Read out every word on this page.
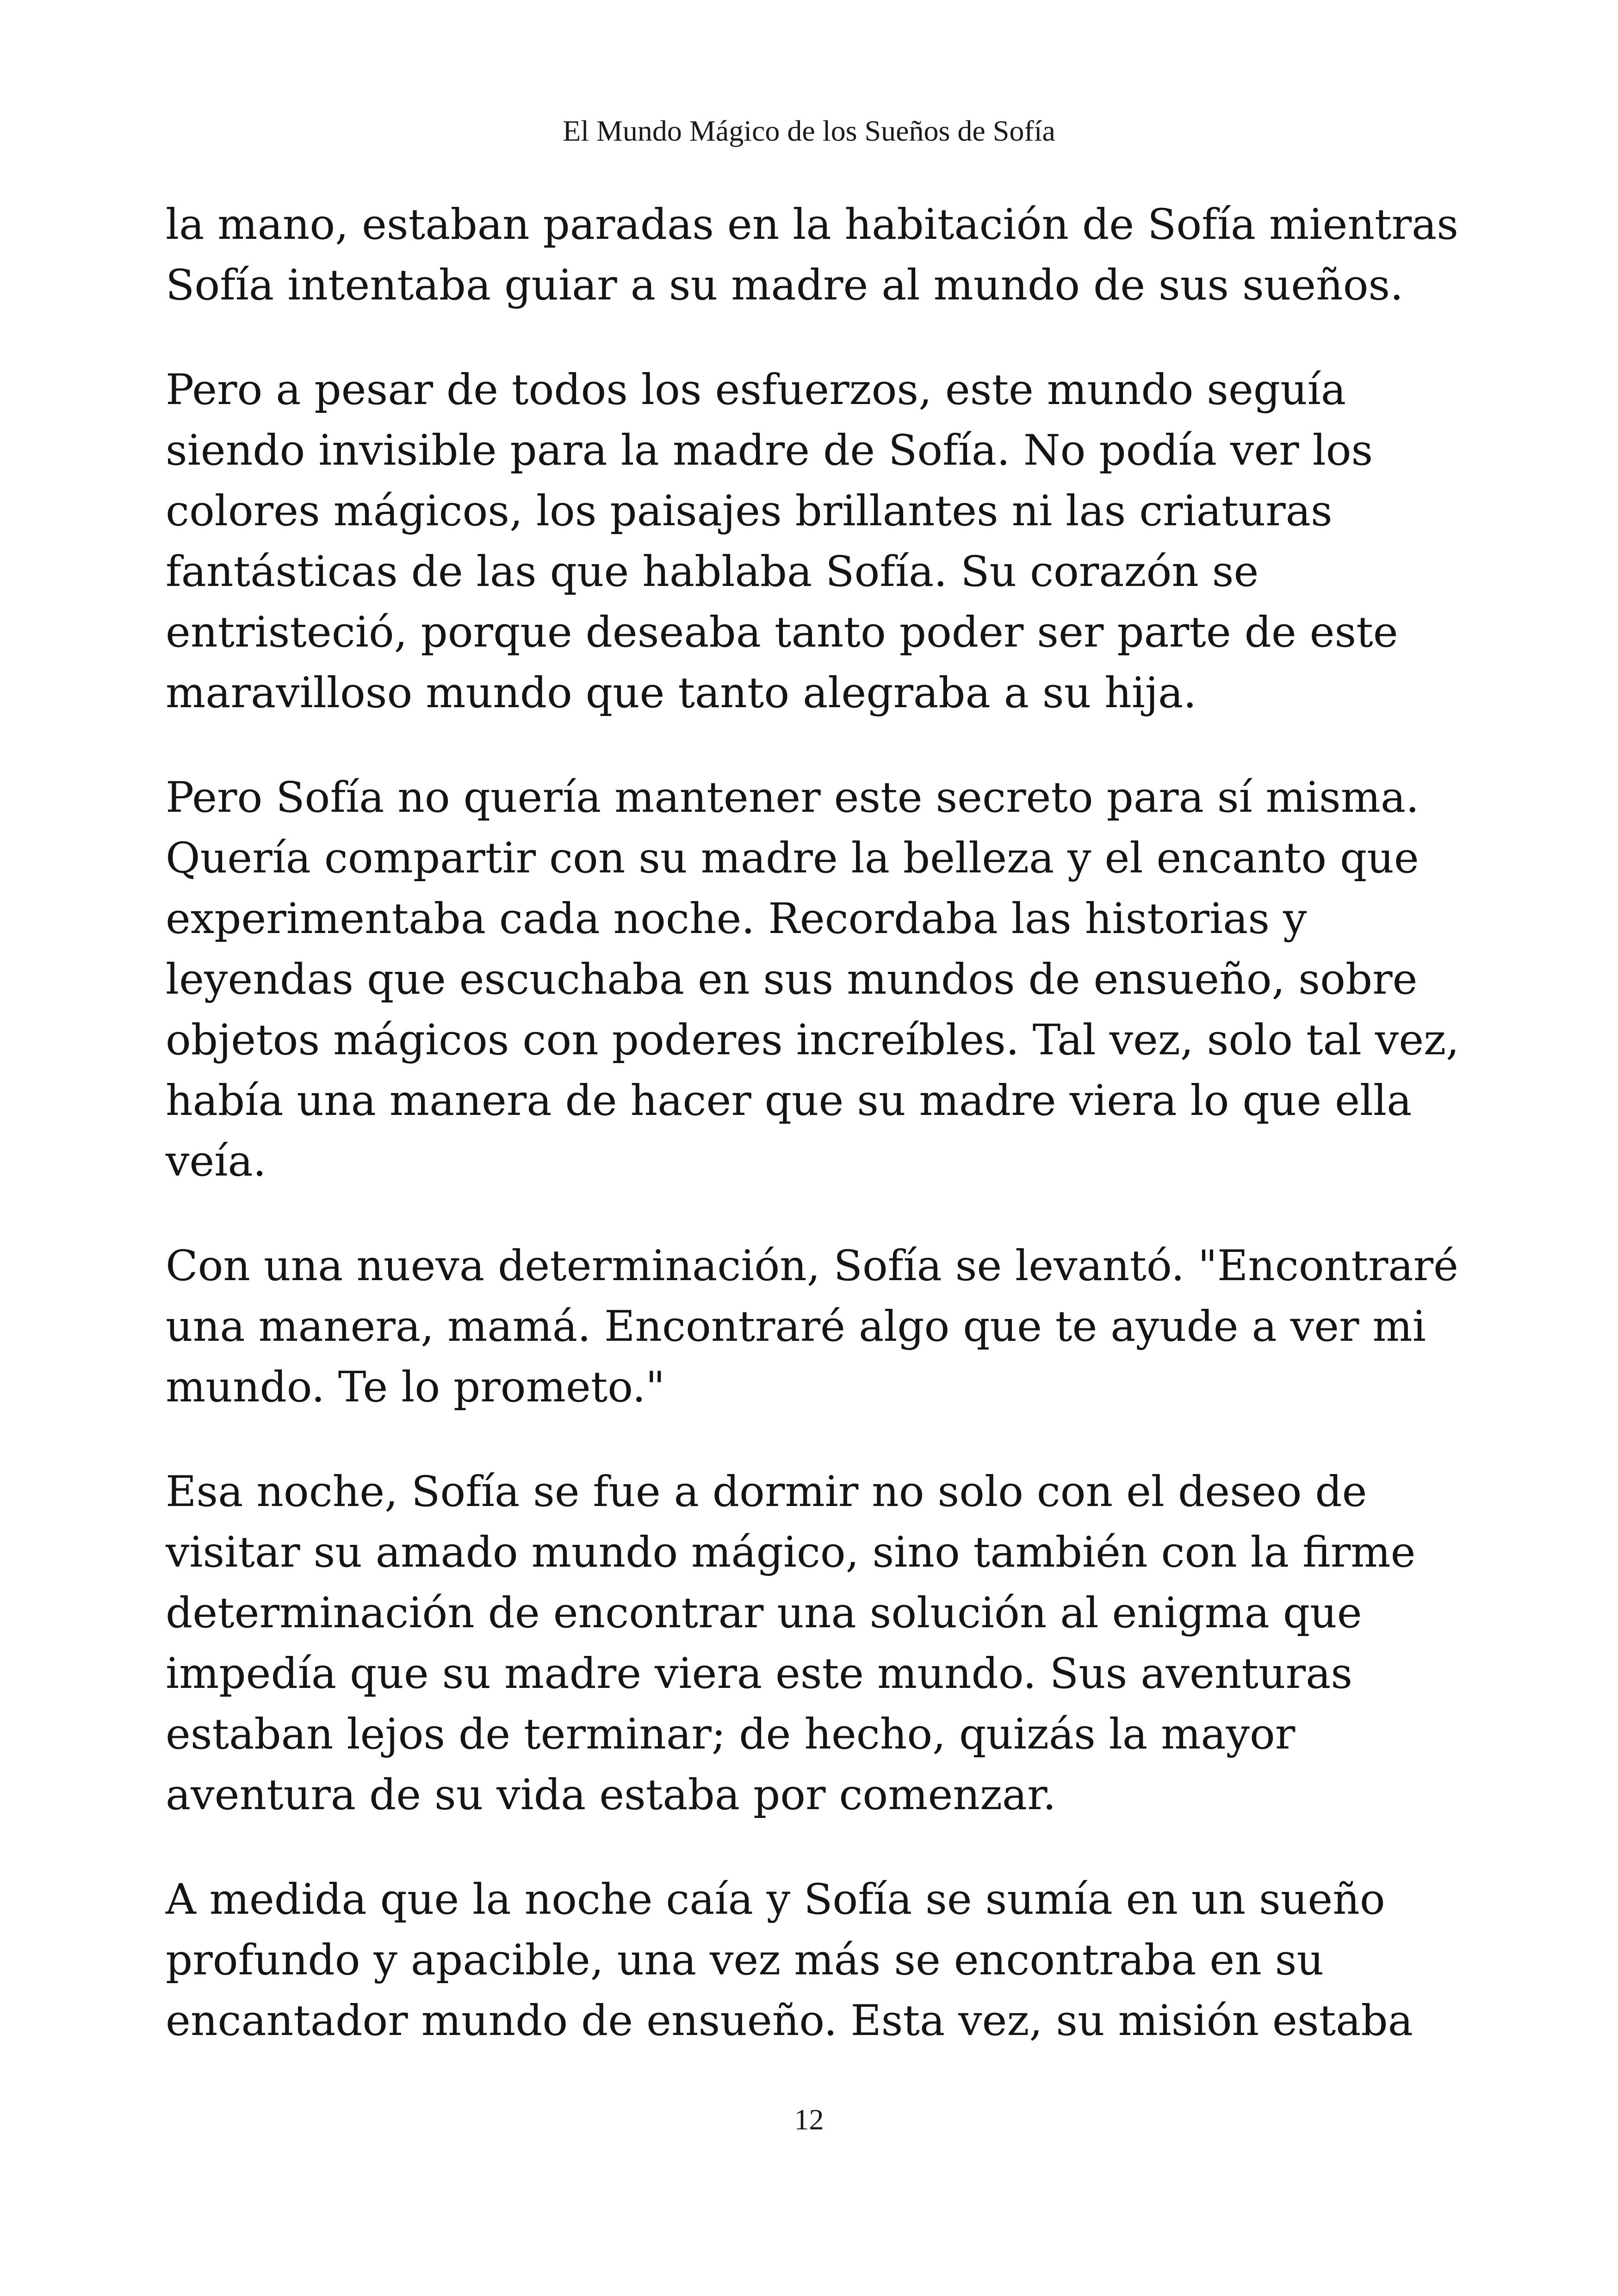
El Mundo Mágico de los Sueños de Sofía

la mano, estaban paradas en la habitación de Sofía mientras
Sofía intentaba guiar a su madre al mundo de sus sueños.

Pero a pesar de todos los esfuerzos, este mundo seguía
siendo invisible para la madre de Sofía. No podía ver los
colores mágicos, los paisajes brillantes ni las criaturas
fantásticas de las que hablaba Sofía. Su corazón se
entristeció, porque deseaba tanto poder ser parte de este
maravilloso mundo que tanto alegraba a su hija.

Pero Sofía no quería mantener este secreto para sí misma.
Quería compartir con su madre la belleza y el encanto que
experimentaba cada noche. Recordaba las historias y
leyendas que escuchaba en sus mundos de ensueño, sobre
objetos mágicos con poderes increíbles. Tal vez, solo tal vez,
había una manera de hacer que su madre viera lo que ella
veía.

Con una nueva determinación, Sofía se levantó. "Encontraré
una manera, mamá. Encontraré algo que te ayude a ver mi
mundo. Te lo prometo."

Esa noche, Sofía se fue a dormir no solo con el deseo de
visitar su amado mundo mágico, sino también con la firme
determinación de encontrar una solución al enigma que
impedía que su madre viera este mundo. Sus aventuras
estaban lejos de terminar; de hecho, quizás la mayor
aventura de su vida estaba por comenzar.

A medida que la noche caía y Sofía se sumía en un sueño
profundo y apacible, una vez más se encontraba en su
encantador mundo de ensueño. Esta vez, su misión estaba

12
